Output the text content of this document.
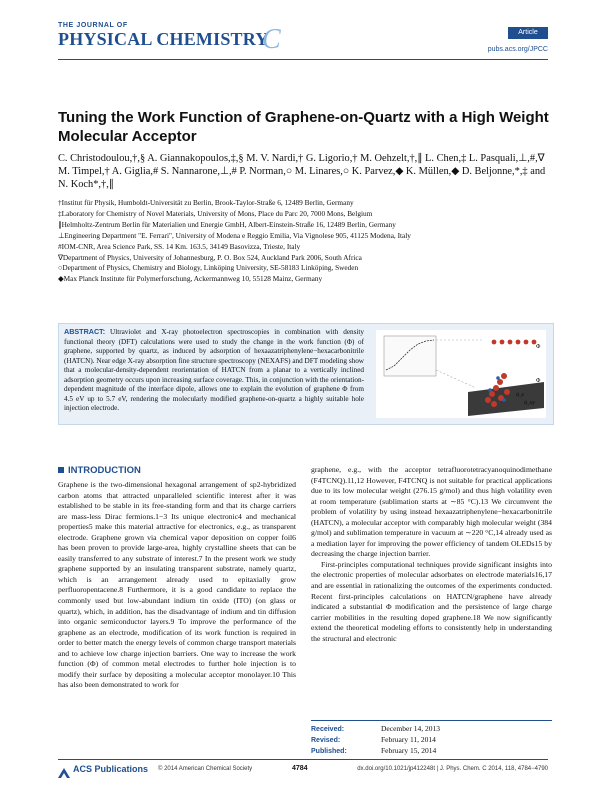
THE JOURNAL OF
PHYSICAL CHEMISTRY
C	Article
pubs.acs.org/JPCC
Tuning the Work Function of Graphene-on-Quartz with a High Weight Molecular Acceptor
C. Christodoulou,†,§ A. Giannakopoulos,‡,§ M. V. Nardi,† G. Ligorio,† M. Oehzelt,†,∥ L. Chen,‡ L. Pasquali,⊥,#,∇ M. Timpel,† A. Giglia,# S. Nannarone,⊥,# P. Norman,○ M. Linares,○ K. Parvez,◆ K. Müllen,◆ D. Beljonne,*,‡ and N. Koch*,†,∥
†Institut für Physik, Humboldt-Universität zu Berlin, Brook-Taylor-Straße 6, 12489 Berlin, Germany
‡Laboratory for Chemistry of Novel Materials, University of Mons, Place du Parc 20, 7000 Mons, Belgium
∥Helmholtz-Zentrum Berlin für Materialien und Energie GmbH, Albert-Einstein-Straße 16, 12489 Berlin, Germany
⊥Engineering Department "E. Ferrari", University of Modena e Reggio Emilia, Via Vignolese 905, 41125 Modena, Italy
#IOM-CNR, Area Science Park, SS. 14 Km. 163.5, 34149 Basovizza, Trieste, Italy
∇Department of Physics, University of Johannesburg, P. O. Box 524, Auckland Park 2006, South Africa
○Department of Physics, Chemistry and Biology, Linköping University, SE-58183 Linköping, Sweden
◆Max Planck Institute für Polymerforschung, Ackermannweg 10, 55128 Mainz, Germany
ABSTRACT: Ultraviolet and X-ray photoelectron spectroscopies in combination with density functional theory (DFT) calculations were used to study the change in the work function (Φ) of graphene, supported by quartz, as induced by adsorption of hexaazatriphenylene−hexacarbonitrile (HATCN). Near edge X-ray absorption fine structure spectroscopy (NEXAFS) and DFT modeling show that a molecular-density-dependent reorientation of HATCN from a planar to a vertically inclined adsorption geometry occurs upon increasing surface coverage. This, in conjunction with the orientation-dependent magnitude of the interface dipole, allows one to explain the evolution of graphene Φ from 4.5 eV up to 5.7 eV, rendering the molecularly modified graphene-on-quartz a highly suitable hole injection electrode.
Φ
Φ
d_z
d_xy
INTRODUCTION

Graphene is the two-dimensional hexagonal arrangement of sp2-hybridized carbon atoms that attracted unparalleled scientific interest after it was established to be stable in its free-standing form and that its charge carriers are mass-less Dirac fermions.1−3 Its unique electronic4 and mechanical properties5 make this material attractive for electronics, e.g., as transparent electrode. Graphene grown via chemical vapor deposition on copper foil6 has been proven to provide large-area, highly crystalline sheets that can be easily transferred to any substrate of interest.7 In the present work we study graphene supported by an insulating transparent substrate, namely quartz, which is an arrangement already used to epitaxially grow perfluoropentacene.8 Furthermore, it is a good candidate to replace the commonly used but low-abundant indium tin oxide (ITO) (on glass or quartz), which, in addition, has the disadvantage of indium and tin diffusion into organic semiconductor layers.9 To improve the performance of the graphene as an electrode, modification of its work function is required in order to better match the energy levels of common charge transport materials and to achieve low charge injection barriers. One way to increase the work function (Φ) of common metal electrodes to further hole injection is to modify their surface by depositing a molecular acceptor monolayer.10 This has also been demonstrated to work for

graphene, e.g., with the acceptor tetrafluorotetracyanoquinodimethane (F4TCNQ).11,12 However, F4TCNQ is not suitable for practical applications due to its low molecular weight (276.15 g/mol) and thus high volatility even at room temperature (sublimation starts at ∼85 °C).13 We circumvent the problem of volatility by using instead hexaazatriphenylene−hexacarbonitrile (HATCN), a molecular acceptor with comparably high molecular weight (384 g/mol) and sublimation temperature in vacuum at ∼220 °C,14 already used as a mediation layer for improving the power efficiency of tandem OLEDs15 by decreasing the charge injection barrier.

First-principles computational techniques provide significant insights into the electronic properties of molecular adsorbates on electrode materials16,17 and are essential in rationalizing the outcomes of the experiments conducted. Recent first-principles calculations on HATCN/graphene have already indicated a substantial Φ modification and the persistence of large charge carrier mobilities in the resulting doped graphene.18 We now significantly extend the theoretical modeling efforts to consistently help in understanding the structural and electronic

Received:	December 14, 2013
Revised:	February 11, 2014
Published:	February 15, 2014
ACS Publications © 2014 American Chemical Society	4784	dx.doi.org/10.1021/jp412248t | J. Phys. Chem. C 2014, 118, 4784−4790
